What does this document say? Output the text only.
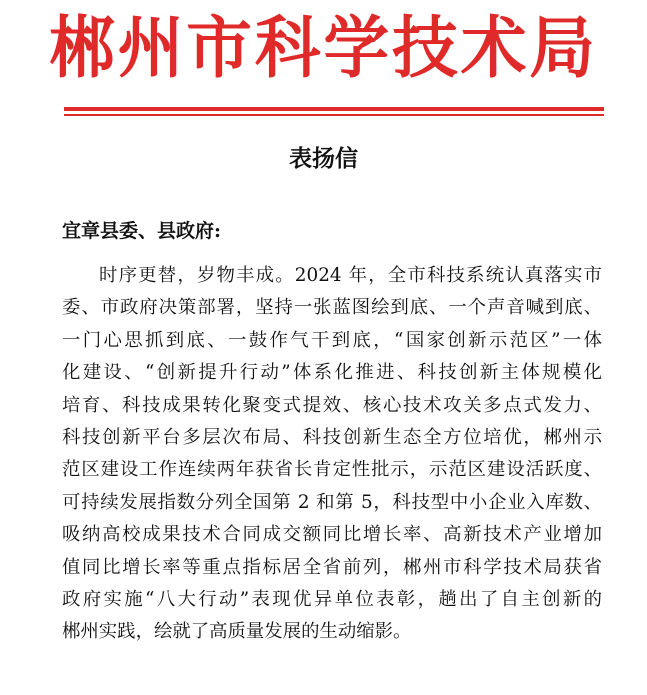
郴州市科学技术局
表扬信
宜章县委、县政府:
时序更替，岁物丰成。2024 年，全市科技系统认真落实市
委、市政府决策部署，坚持一张蓝图绘到底、一个声音喊到底、
一门心思抓到底、一鼓作气干到底，“国家创新示范区”一体
化建设、“创新提升行动”体系化推进、科技创新主体规模化
培育、科技成果转化聚变式提效、核心技术攻关多点式发力、
科技创新平台多层次布局、科技创新生态全方位培优，郴州示
范区建设工作连续两年获省长肯定性批示，示范区建设活跃度、
可持续发展指数分列全国第 2 和第 5，科技型中小企业入库数、
吸纳高校成果技术合同成交额同比增长率、高新技术产业增加
值同比增长率等重点指标居全省前列，郴州市科学技术局获省
政府实施“八大行动”表现优异单位表彰，趟出了自主创新的
郴州实践，绘就了高质量发展的生动缩影。
